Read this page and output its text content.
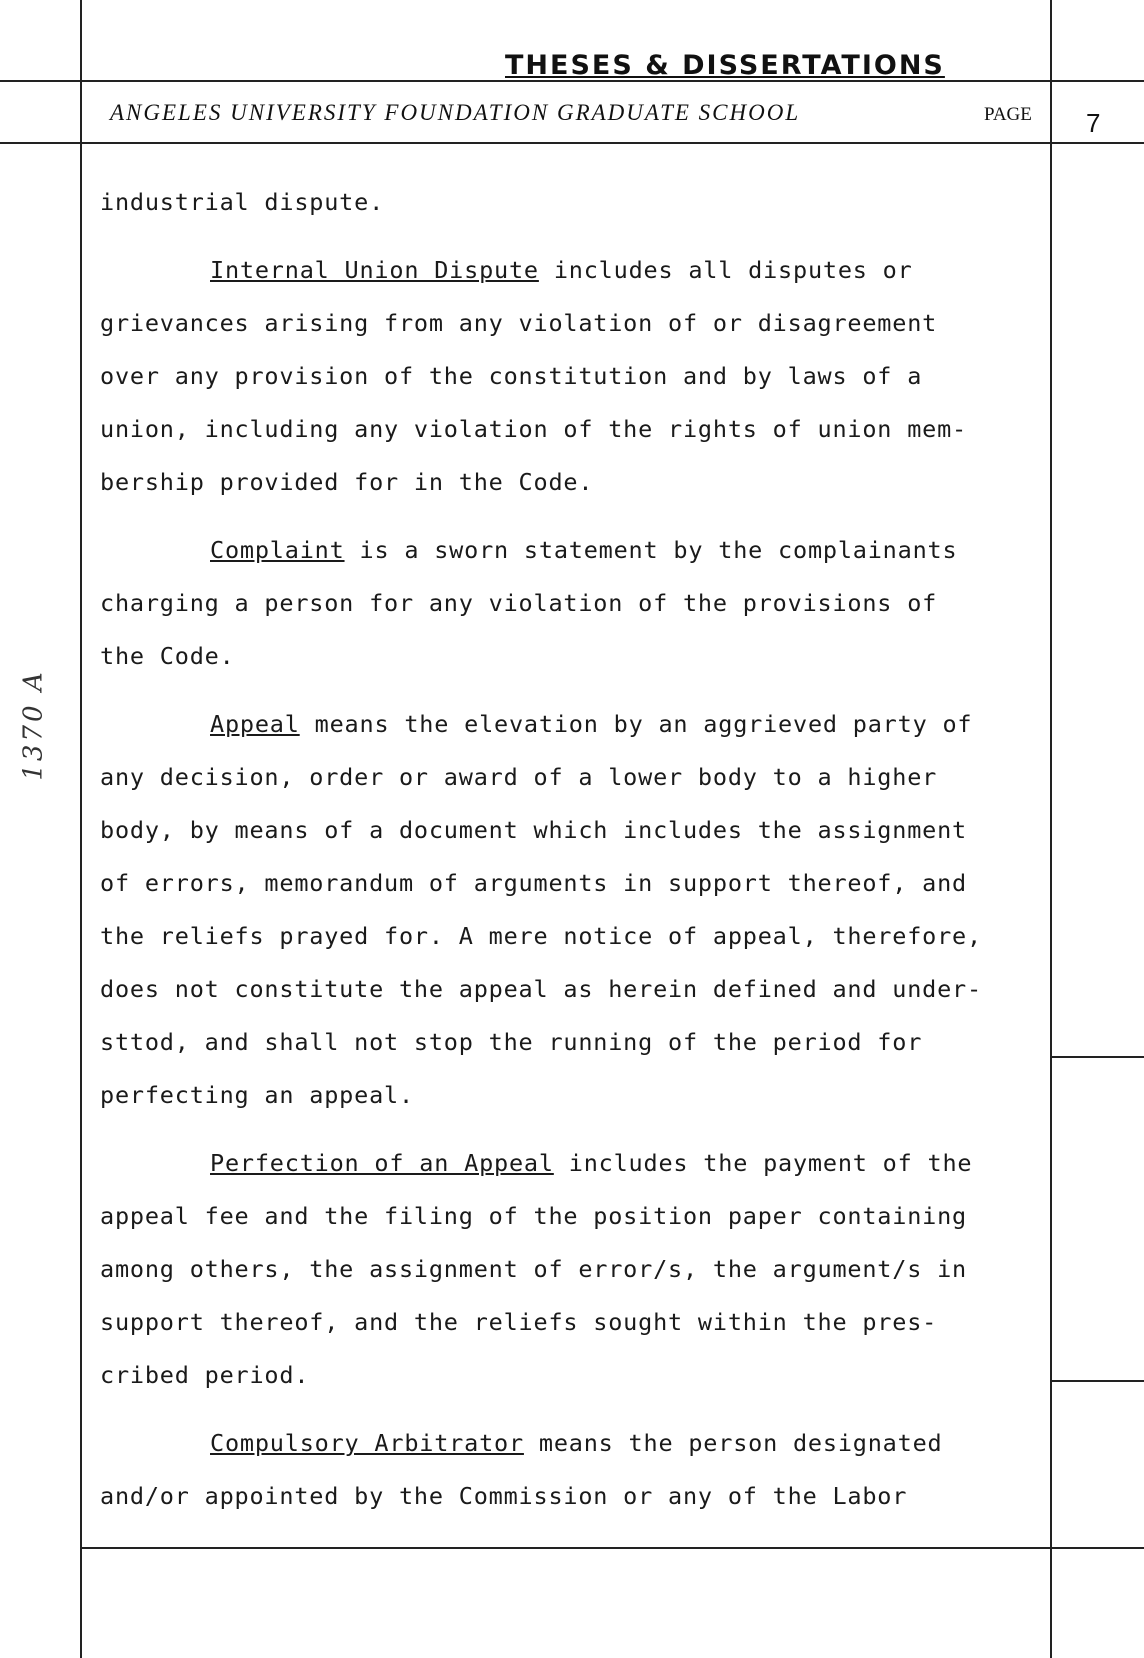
THESES & DISSERTATIONS
ANGELES UNIVERSITY FOUNDATION GRADUATE SCHOOL	PAGE 7
1370 A

industrial dispute.

Internal Union Dispute includes all disputes or
grievances arising from any violation of or disagreement
over any provision of the constitution and by laws of a
union, including any violation of the rights of union mem-
bership provided for in the Code.

Complaint is a sworn statement by the complainants
charging a person for any violation of the provisions of
the Code.

Appeal means the elevation by an aggrieved party of
any decision, order or award of a lower body to a higher
body, by means of a document which includes the assignment
of errors, memorandum of arguments in support thereof, and
the reliefs prayed for. A mere notice of appeal, therefore,
does not constitute the appeal as herein defined and under-
sttod, and shall not stop the running of the period for
perfecting an appeal.

Perfection of an Appeal includes the payment of the
appeal fee and the filing of the position paper containing
among others, the assignment of error/s, the argument/s in
support thereof, and the reliefs sought within the pres-
cribed period.

Compulsory Arbitrator means the person designated
and/or appointed by the Commission or any of the Labor
